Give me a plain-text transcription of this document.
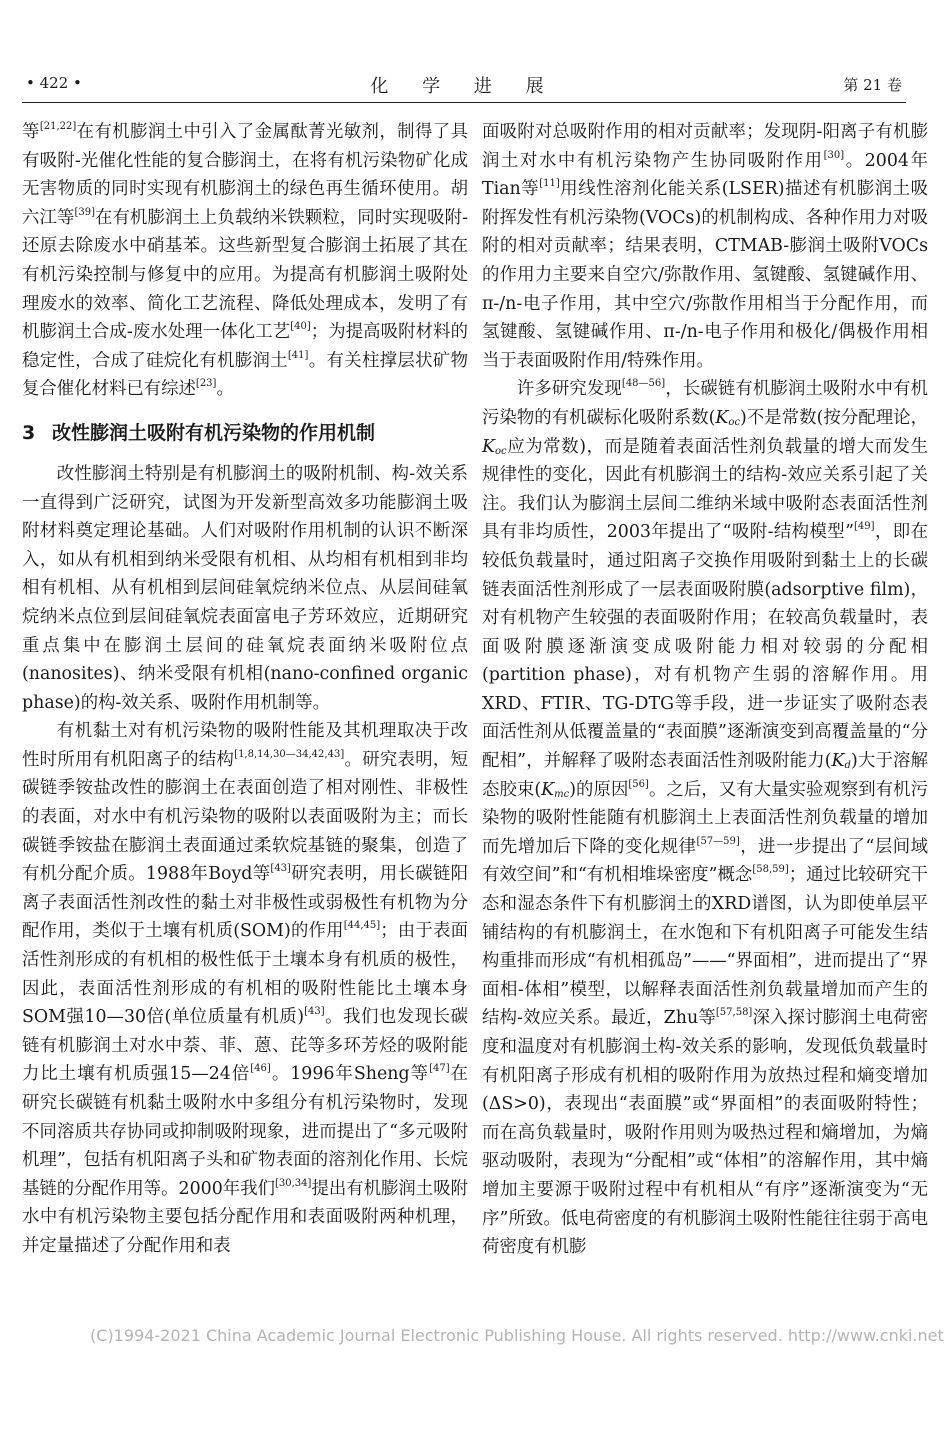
• 422 •	化 学 进 展	第 21 卷

等[21,22]在有机膨润土中引入了金属酞菁光敏剂，制得了具有吸附-光催化性能的复合膨润土，在将有机污染物矿化成无害物质的同时实现有机膨润土的绿色再生循环使用。胡六江等[39]在有机膨润土上负载纳米铁颗粒，同时实现吸附-还原去除废水中硝基苯。这些新型复合膨润土拓展了其在有机污染控制与修复中的应用。为提高有机膨润土吸附处理废水的效率、简化工艺流程、降低处理成本，发明了有机膨润土合成-废水处理一体化工艺[40]；为提高吸附材料的稳定性，合成了硅烷化有机膨润土[41]。有关柱撑层状矿物复合催化材料已有综述[23]。

3 改性膨润土吸附有机污染物的作用机制

改性膨润土特别是有机膨润土的吸附机制、构-效关系一直得到广泛研究，试图为开发新型高效多功能膨润土吸附材料奠定理论基础。人们对吸附作用机制的认识不断深入，如从有机相到纳米受限有机相、从均相有机相到非均相有机相、从有机相到层间硅氧烷纳米位点、从层间硅氧烷纳米点位到层间硅氧烷表面富电子芳环效应，近期研究重点集中在膨润土层间的硅氧烷表面纳米吸附位点(nanosites)、纳米受限有机相(nano-confined organic phase)的构-效关系、吸附作用机制等。

有机黏土对有机污染物的吸附性能及其机理取决于改性时所用有机阳离子的结构[1,8,14,30—34,42,43]。研究表明，短碳链季铵盐改性的膨润土在表面创造了相对刚性、非极性的表面，对水中有机污染物的吸附以表面吸附为主；而长碳链季铵盐在膨润土表面通过柔软烷基链的聚集，创造了有机分配介质。1988年Boyd等[43]研究表明，用长碳链阳离子表面活性剂改性的黏土对非极性或弱极性有机物为分配作用，类似于土壤有机质(SOM)的作用[44,45]；由于表面活性剂形成的有机相的极性低于土壤本身有机质的极性，因此，表面活性剂形成的有机相的吸附性能比土壤本身SOM强10—30倍(单位质量有机质)[43]。我们也发现长碳链有机膨润土对水中萘、菲、蒽、芘等多环芳烃的吸附能力比土壤有机质强15—24倍[46]。1996年Sheng等[47]在研究长碳链有机黏土吸附水中多组分有机污染物时，发现不同溶质共存协同或抑制吸附现象，进而提出了“多元吸附机理”，包括有机阳离子头和矿物表面的溶剂化作用、长烷基链的分配作用等。2000年我们[30,34]提出有机膨润土吸附水中有机污染物主要包括分配作用和表面吸附两种机理，并定量描述了分配作用和表

面吸附对总吸附作用的相对贡献率；发现阴-阳离子有机膨润土对水中有机污染物产生协同吸附作用[30]。2004年Tian等[11]用线性溶剂化能关系(LSER)描述有机膨润土吸附挥发性有机污染物(VOCs)的机制构成、各种作用力对吸附的相对贡献率；结果表明，CTMAB-膨润土吸附VOCs的作用力主要来自空穴/弥散作用、氢键酸、氢键碱作用、π-/n-电子作用，其中空穴/弥散作用相当于分配作用，而氢键酸、氢键碱作用、π-/n-电子作用和极化/偶极作用相当于表面吸附作用/特殊作用。

许多研究发现[48—56]，长碳链有机膨润土吸附水中有机污染物的有机碳标化吸附系数$(K_{oc})$不是常数(按分配理论，$K_{oc}$应为常数)，而是随着表面活性剂负载量的增大而发生规律性的变化，因此有机膨润土的结构-效应关系引起了关注。我们认为膨润土层间二维纳米域中吸附态表面活性剂具有非均质性，2003年提出了“吸附-结构模型”[49]，即在较低负载量时，通过阳离子交换作用吸附到黏土上的长碳链表面活性剂形成了一层表面吸附膜(adsorptive film)，对有机物产生较强的表面吸附作用；在较高负载量时，表面吸附膜逐渐演变成吸附能力相对较弱的分配相(partition phase)，对有机物产生弱的溶解作用。用XRD、FTIR、TG-DTG等手段，进一步证实了吸附态表面活性剂从低覆盖量的“表面膜”逐渐演变到高覆盖量的“分配相”，并解释了吸附态表面活性剂吸附能力$(K_d)$大于溶解态胶束$(K_{mc})$的原因[56]。之后，又有大量实验观察到有机污染物的吸附性能随有机膨润土上表面活性剂负载量的增加而先增加后下降的变化规律[57—59]，进一步提出了“层间域有效空间”和“有机相堆垛密度”概念[58,59]；通过比较研究干态和湿态条件下有机膨润土的XRD谱图，认为即使单层平铺结构的有机膨润土，在水饱和下有机阳离子可能发生结构重排而形成“有机相孤岛”——“界面相”，进而提出了“界面相-体相”模型，以解释表面活性剂负载量增加而产生的结构-效应关系。最近，Zhu等[57,58]深入探讨膨润土电荷密度和温度对有机膨润土构-效关系的影响，发现低负载量时有机阳离子形成有机相的吸附作用为放热过程和熵变增加(ΔS>0)，表现出“表面膜”或“界面相”的表面吸附特性；而在高负载量时，吸附作用则为吸热过程和熵增加，为熵驱动吸附，表现为“分配相”或“体相”的溶解作用，其中熵增加主要源于吸附过程中有机相从“有序”逐渐演变为“无序”所致。低电荷密度的有机膨润土吸附性能往往弱于高电荷密度有机膨

(C)1994-2021 China Academic Journal Electronic Publishing House. All rights reserved. http://www.cnki.net
